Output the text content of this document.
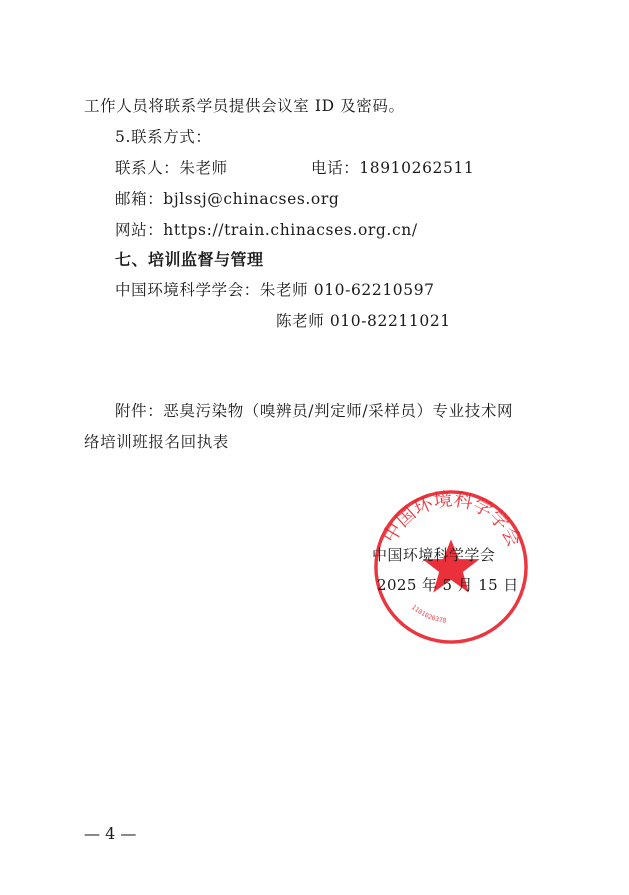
工作人员将联系学员提供会议室 ID 及密码。
5.联系方式：
联系人：朱老师	电话：18910262511
邮箱：bjlssj@chinacses.org
网站：https://train.chinacses.org.cn/
七、培训监督与管理
中国环境科学学会：朱老师 010-62210597
陈老师 010-82211021
附件：恶臭污染物（嗅辨员/判定师/采样员）专业技术网
络培训班报名回执表
中国环境科学学会
1101020378
中国环境科学学会
2025 年 5 月 15 日
— 4 —
